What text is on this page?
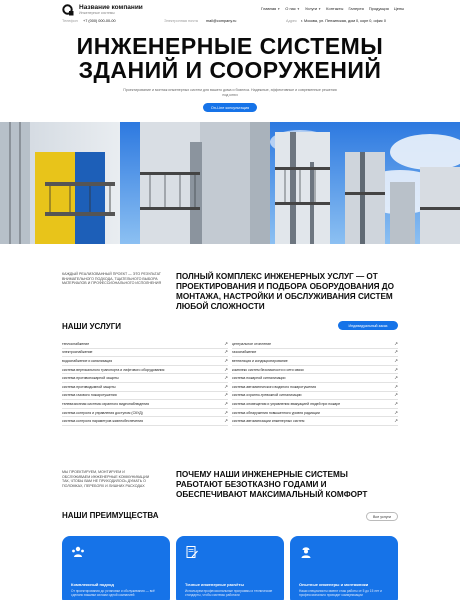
Название компании
Инженерные системы
Главная ▼ О нас ▼ Услуги ▼ Контакты Галерея Продукция Цены
Телефон +7 (000) 000-00-00	Электронная почта mail@company.ru	Адрес г. Москва, ул. Пензинская, дом 0, корп 0, офис 0
ИНЖЕНЕРНЫЕ СИСТЕМЫ
ЗДАНИЙ И СООРУЖЕНИЙ
Проектирование и монтаж инженерных систем для вашего дома и бизнеса. Надежные, эффективные и современные решения под ключ
On-Line консультация
КАЖДЫЙ РЕАЛИЗОВАННЫЙ ПРОЕКТ — ЭТО РЕЗУЛЬТАТ ВНИМАТЕЛЬНОГО ПОДХОДА, ТЩАТЕЛЬНОГО ВЫБОРА МАТЕРИАЛОВ И ПРОФЕССИОНАЛЬНОГО ИСПОЛНЕНИЯ
ПОЛНЫЙ КОМПЛЕКС ИНЖЕНЕРНЫХ УСЛУГ — ОТ ПРОЕКТИРОВАНИЯ И ПОДБОРА ОБОРУДОВАНИЯ ДО МОНТАЖА, НАСТРОЙКИ И ОБСЛУЖИВАНИЯ СИСТЕМ ЛЮБОЙ СЛОЖНОСТИ
НАШИ УСЛУГИ	Индивидуальный заказ
теплоснабжение	↗
электроснабжение	↗
водоснабжение и канализация	↗
система вертикального транспорта и лифтового оборудования	↗
система противопожарной защиты	↗
система противодымной защиты	↗
система газового пожаротушения	↗
телевизионная система охранного видеонаблюдения	↗
система контроля и управления доступом (СКУД)	↗
система контроля параметров жизнеобеспечения	↗
центральное отопление	↗
газоснабжение	↗
вентиляция и кондиционирование	↗
комплекс систем безопасности и сети связи	↗
система пожарной сигнализации	↗
система автоматического водяного пожаротушения	↗
система охранно-тревожной сигнализации	↗
система оповещения и управления эвакуацией людей при пожаре	↗
система обнаружения повышенного уровня радиации	↗
система автоматизации инженерных систем	↗
МЫ ПРОЕКТИРУЕМ, МОНТИРУЕМ И ОБСЛУЖИВАЕМ ИНЖЕНЕРНЫЕ КОММУНИКАЦИИ ТАК, ЧТОБЫ ВАМ НЕ ПРИХОДИЛОСЬ ДУМАТЬ О ПОЛОМКАХ, ПЕРЕБОЯХ И ЛИШНИХ РАСХОДАХ
ПОЧЕМУ НАШИ ИНЖЕНЕРНЫЕ СИСТЕМЫ РАБОТАЮТ БЕЗОТКАЗНО ГОДАМИ И ОБЕСПЕЧИВАЮТ МАКСИМАЛЬНЫЙ КОМФОРТ
НАШИ ПРЕИМУЩЕСТВА	Все услуги
Комплексный подход
От проектирования до установки и обслуживания — всё сделано вашими силами одной компанией
Точные инженерные расчёты
Используем профессиональные программы и технические стандарты, чтобы системы работали
Опытные инженеры и монтажники
Наши специалисты имеют стаж работы от 5 до 15 лет и профессионально проводят коммуникации
